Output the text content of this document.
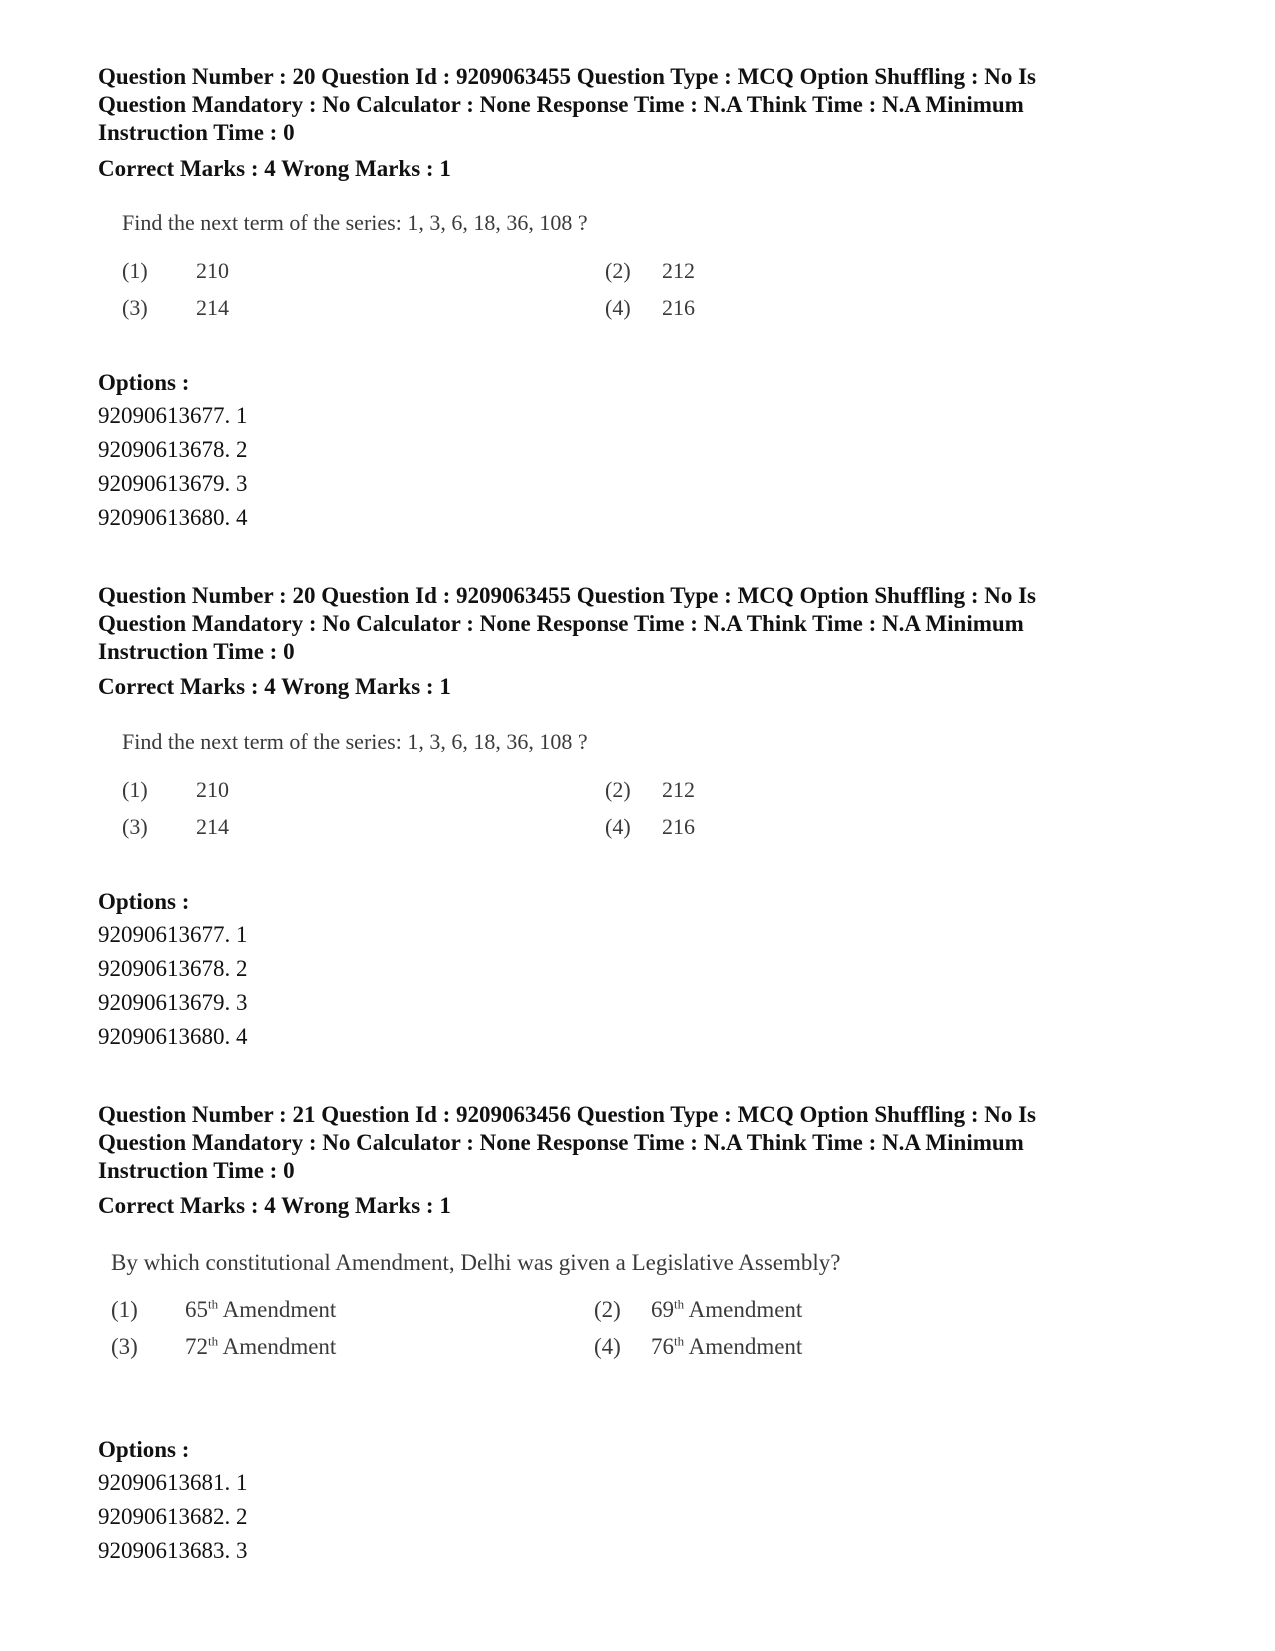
Question Number : 20 Question Id : 9209063455 Question Type : MCQ Option Shuffling : No Is
Question Mandatory : No Calculator : None Response Time : N.A Think Time : N.A Minimum
Instruction Time : 0
Correct Marks : 4 Wrong Marks : 1
Find the next term of the series: 1, 3, 6, 18, 36, 108 ?
(1) 210	(2) 212
(3) 214	(4) 216
Options :
92090613677. 1
92090613678. 2
92090613679. 3
92090613680. 4
Question Number : 20 Question Id : 9209063455 Question Type : MCQ Option Shuffling : No Is
Question Mandatory : No Calculator : None Response Time : N.A Think Time : N.A Minimum
Instruction Time : 0
Correct Marks : 4 Wrong Marks : 1
Find the next term of the series: 1, 3, 6, 18, 36, 108 ?
(1) 210	(2) 212
(3) 214	(4) 216
Options :
92090613677. 1
92090613678. 2
92090613679. 3
92090613680. 4
Question Number : 21 Question Id : 9209063456 Question Type : MCQ Option Shuffling : No Is
Question Mandatory : No Calculator : None Response Time : N.A Think Time : N.A Minimum
Instruction Time : 0
Correct Marks : 4 Wrong Marks : 1
By which constitutional Amendment, Delhi was given a Legislative Assembly?
(1) 65th Amendment	(2) 69th Amendment
(3) 72th Amendment	(4) 76th Amendment
Options :
92090613681. 1
92090613682. 2
92090613683. 3
